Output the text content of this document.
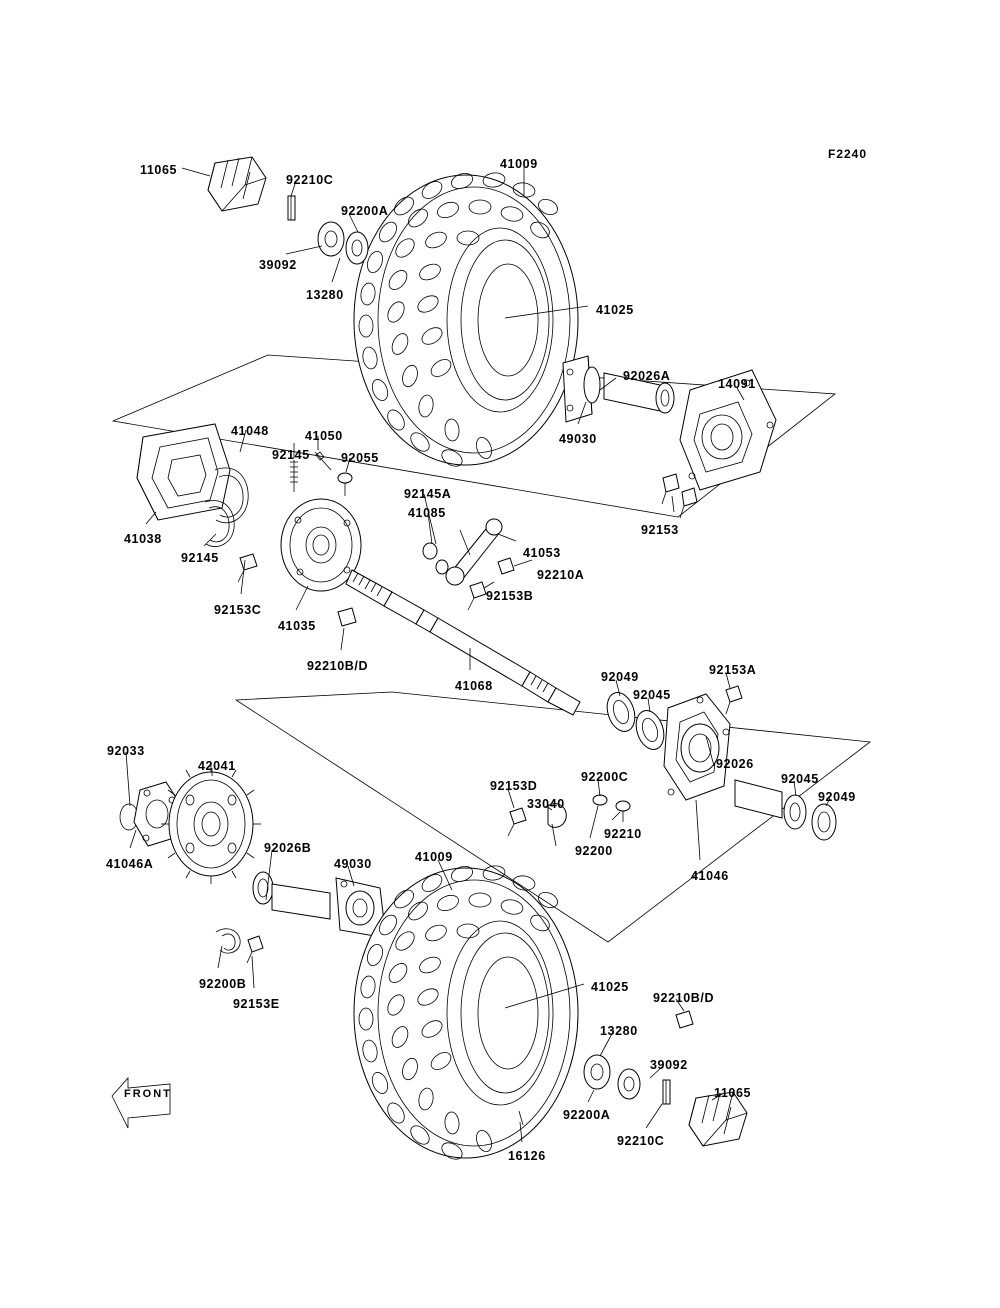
11065
92210C
92200A
41009
39092
13280
41025
92026A
14091
49030
41048	41050
92145 92055
92145A
41085
92153
41038
92145	41053
92210A
92153B
92153C
41035
92210B/D
41068
92049
92045
92153A
92033
42041	92026
92045
92049
92153D
33040
92200C
92210
92200
41046
41046A
92026B
49030	41009
92200B
92153E
41025
92210B/D
13280
39092
11065
92200A
92210C
16126
F2240
FRONT
